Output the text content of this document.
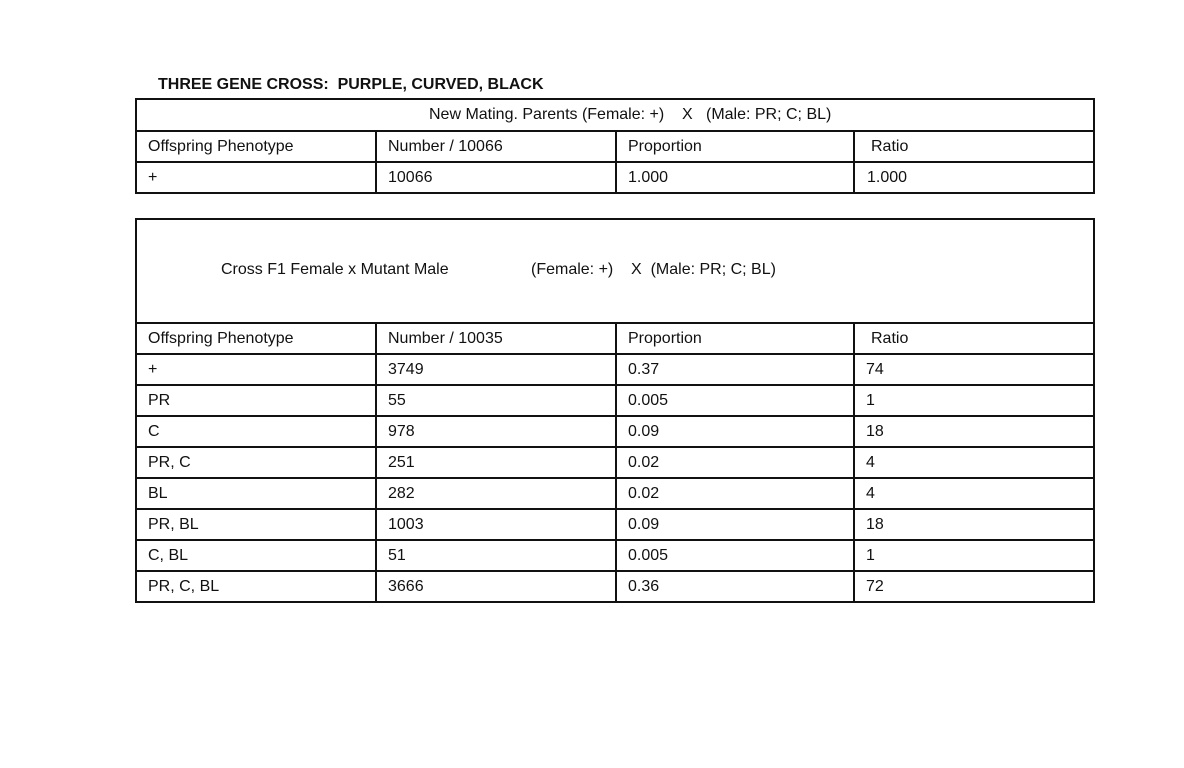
THREE GENE CROSS:  PURPLE, CURVED, BLACK
New Mating. Parents (Female: +)    X   (Male: PR; C; BL)			
Offspring Phenotype	Number / 10066	Proportion	Ratio
+	10066	1.000	1.000

Cross F1 Female x Mutant Male

(Female: +)    X  (Male: PR; C; BL)			

Offspring Phenotype	Number / 10035	Proportion	Ratio
+	3749	0.37	74
PR	55	0.005	1
C	978	0.09	18
PR, C	251	0.02	4
BL	282	0.02	4
PR, BL	1003	0.09	18
C, BL	51	0.005	1
PR, C, BL	3666	0.36	72
